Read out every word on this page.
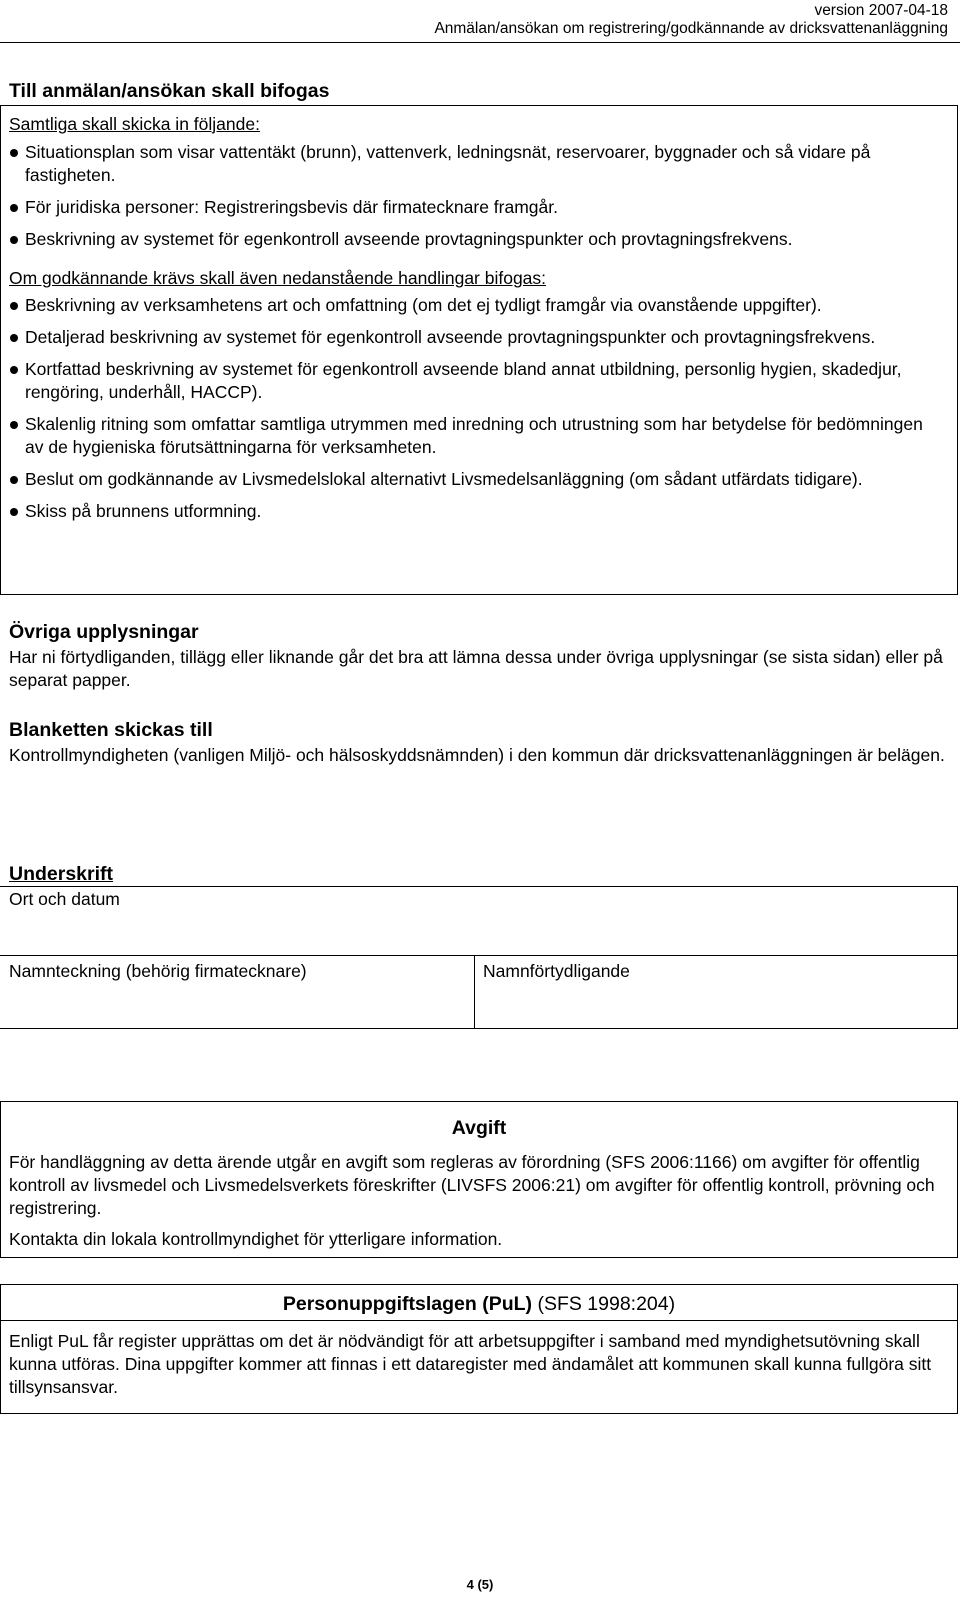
version 2007-04-18
Anmälan/ansökan om registrering/godkännande av dricksvattenanläggning
Till anmälan/ansökan skall bifogas
Samtliga skall skicka in följande:
Situationsplan som visar vattentäkt (brunn), vattenverk, ledningsnät, reservoarer, byggnader och så vidare på fastigheten.
För juridiska personer: Registreringsbevis där firmatecknare framgår.
Beskrivning av systemet för egenkontroll avseende provtagningspunkter och provtagningsfrekvens.
Om godkännande krävs skall även nedanstående handlingar bifogas:
Beskrivning av verksamhetens art och omfattning (om det ej tydligt framgår via ovanstående uppgifter).
Detaljerad beskrivning av systemet för egenkontroll avseende provtagningspunkter och provtagningsfrekvens.
Kortfattad beskrivning av systemet för egenkontroll avseende bland annat utbildning, personlig hygien, skadedjur, rengöring, underhåll, HACCP).
Skalenlig ritning som omfattar samtliga utrymmen med inredning och utrustning som har betydelse för bedömningen av de hygieniska förutsättningarna för verksamheten.
Beslut om godkännande av Livsmedelslokal alternativt Livsmedelsanläggning (om sådant utfärdats tidigare).
Skiss på brunnens utformning.
Övriga upplysningar
Har ni förtydliganden, tillägg eller liknande går det bra att lämna dessa under övriga upplysningar (se sista sidan) eller på separat papper.
Blanketten skickas till
Kontrollmyndigheten (vanligen Miljö- och hälsoskyddsnämnden) i den kommun där dricksvattenanläggningen är belägen.
Underskrift
Ort och datum
Namnteckning (behörig firmatecknare)	Namnförtydligande
Avgift
För handläggning av detta ärende utgår en avgift som regleras av förordning (SFS 2006:1166) om avgifter för offentlig kontroll av livsmedel och Livsmedelsverkets föreskrifter (LIVSFS 2006:21) om avgifter för offentlig kontroll, prövning och registrering.
Kontakta din lokala kontrollmyndighet för ytterligare information.
Personuppgiftslagen (PuL) (SFS 1998:204)
Enligt PuL får register upprättas om det är nödvändigt för att arbetsuppgifter i samband med myndighetsutövning skall kunna utföras. Dina uppgifter kommer att finnas i ett dataregister med ändamålet att kommunen skall kunna fullgöra sitt tillsynsansvar.
4 (5)
